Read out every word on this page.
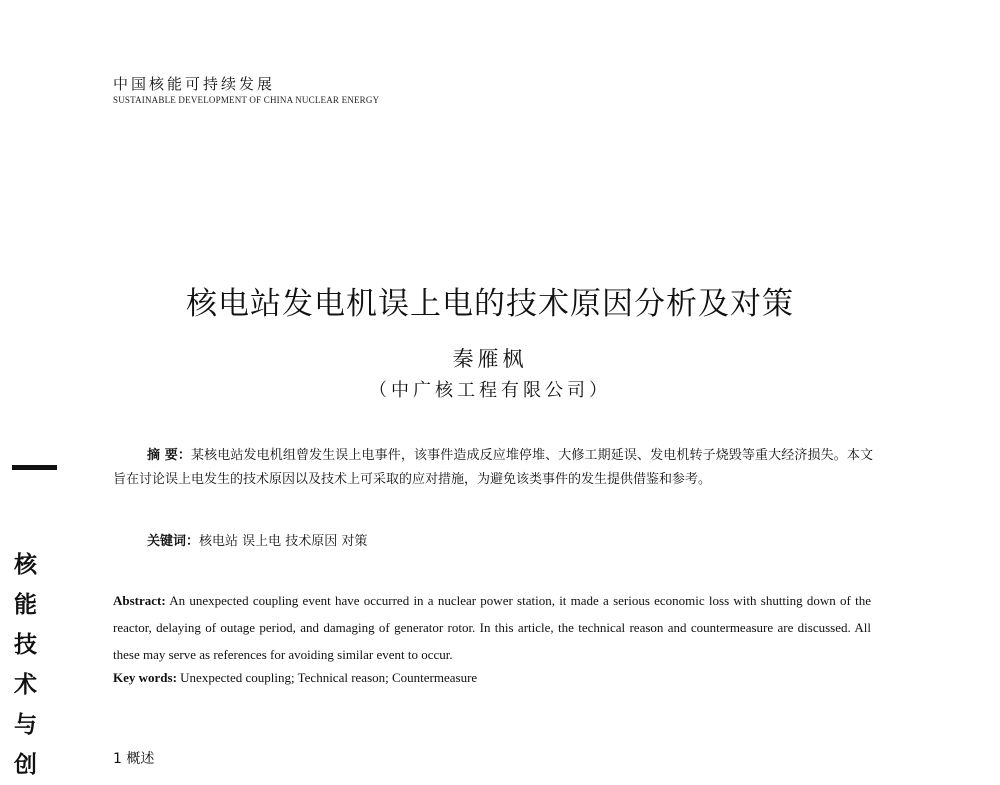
中国核能可持续发展
SUSTAINABLE DEVELOPMENT OF CHINA NUCLEAR ENERGY
核电站发电机误上电的技术原因分析及对策
秦雁枫
（中广核工程有限公司）
核
能
技
术
与
创
摘 要：某核电站发电机组曾发生误上电事件，该事件造成反应堆停堆、大修工期延误、发电机转子烧毁等重大经济损失。本文旨在讨论误上电发生的技术原因以及技术上可采取的应对措施，为避免该类事件的发生提供借鉴和参考。
关键词：核电站 误上电 技术原因 对策
Abstract: An unexpected coupling event have occurred in a nuclear power station, it made a serious economic loss with shutting down of the reactor, delaying of outage period, and damaging of generator rotor. In this article, the technical reason and countermeasure are discussed. All these may serve as references for avoiding similar event to occur.
Key words: Unexpected coupling; Technical reason; Countermeasure
1 概述
